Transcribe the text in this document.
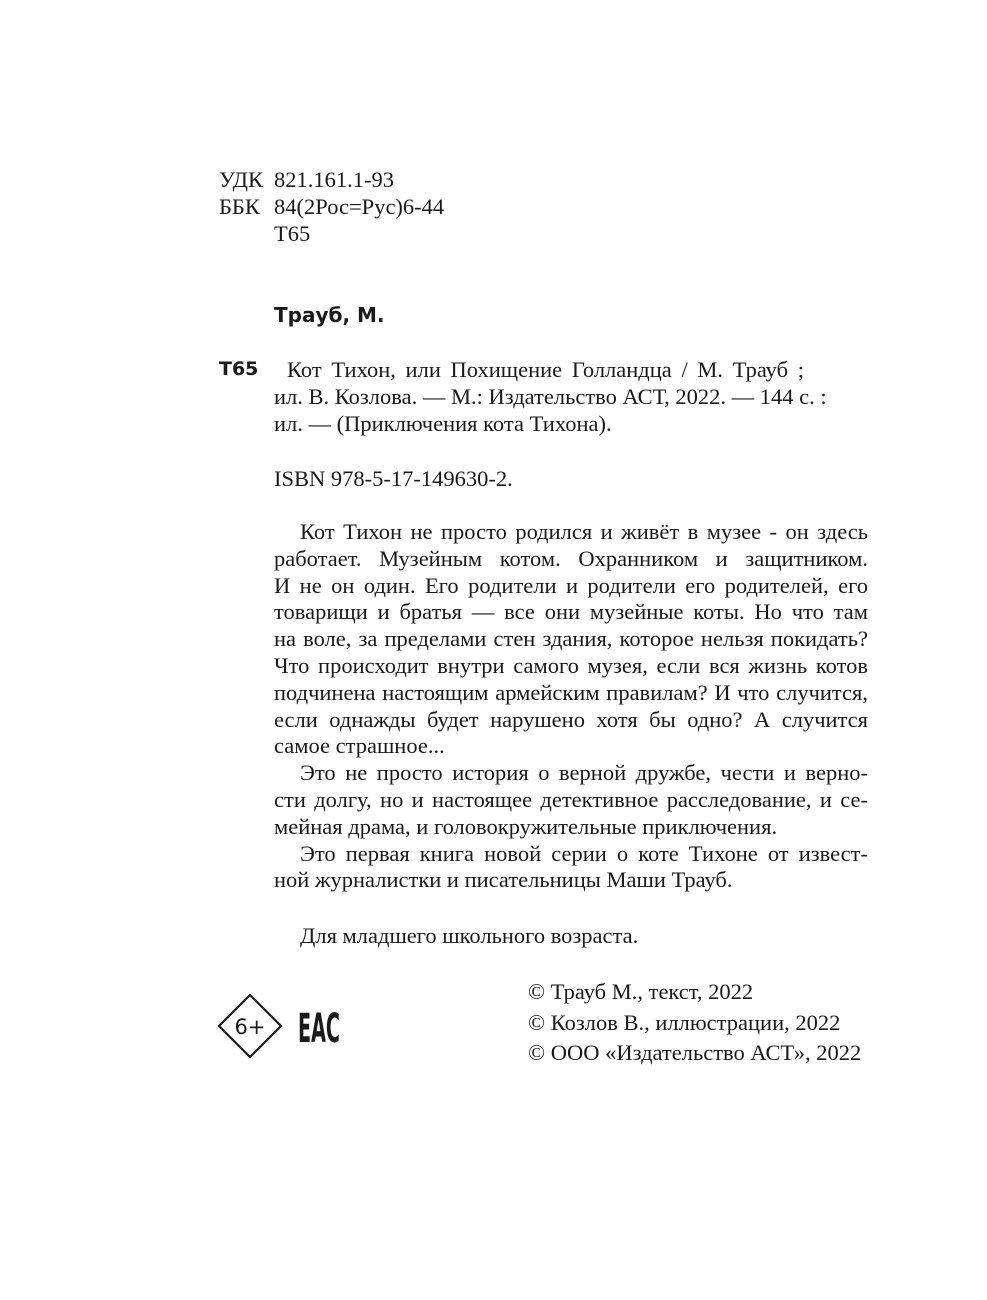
УДК 821.161.1-93
ББК 84(2Рос=Рус)6-44
Т65
Трауб, М.
Т65	Кот Тихон, или Похищение Голландца / М. Трауб ;
ил. В. Козлова. — М.: Издательство АСТ, 2022. — 144 с. :
ил. — (Приключения кота Тихона).
ISBN 978-5-17-149630-2.
Кот Тихон не просто родился и живёт в музее - он здесь
работает. Музейным котом. Охранником и защитником.
И не он один. Его родители и родители его родителей, его
товарищи и братья — все они музейные коты. Но что там
на воле, за пределами стен здания, которое нельзя покидать?
Что происходит внутри самого музея, если вся жизнь котов
подчинена настоящим армейским правилам? И что случится,
если однажды будет нарушено хотя бы одно? А случится
самое страшное...
Это не просто история о верной дружбе, чести и верно-
сти долгу, но и настоящее детективное расследование, и се-
мейная драма, и головокружительные приключения.
Это первая книга новой серии о коте Тихоне от извест-
ной журналистки и писательницы Маши Трауб.
Для младшего школьного возраста.
6+ ЕАС
© Трауб М., текст, 2022
© Козлов В., иллюстрации, 2022
© ООО «Издательство АСТ», 2022
